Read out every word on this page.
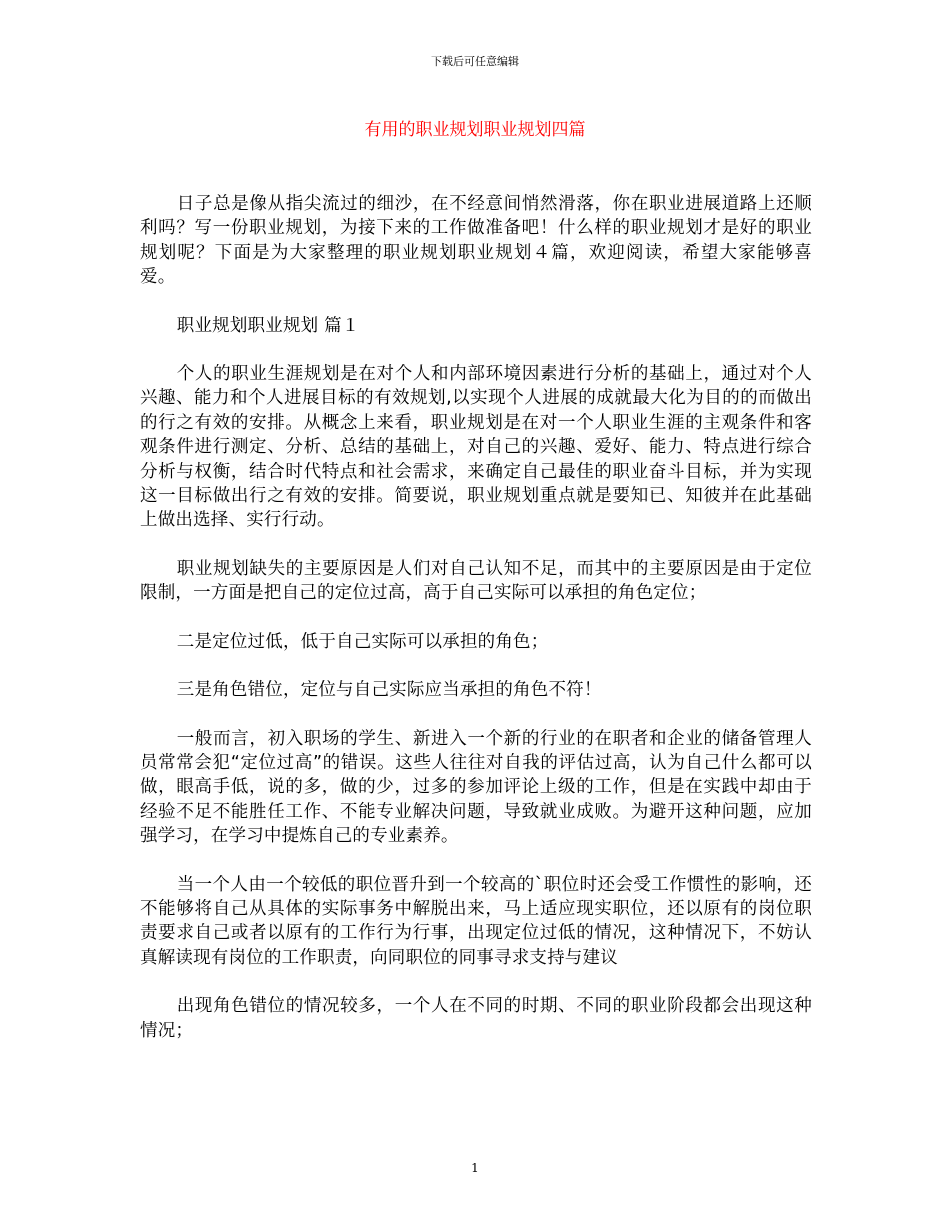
下载后可任意编辑
有用的职业规划职业规划四篇

日子总是像从指尖流过的细沙，在不经意间悄然滑落，你在职业进展道路上还顺利吗？写一份职业规划，为接下来的工作做准备吧！什么样的职业规划才是好的职业规划呢？下面是为大家整理的职业规划职业规划４篇，欢迎阅读，希望大家能够喜爱。

职业规划职业规划 篇１

个人的职业生涯规划是在对个人和内部环境因素进行分析的基础上，通过对个人兴趣、能力和个人进展目标的有效规划,以实现个人进展的成就最大化为目的的而做出的行之有效的安排。从概念上来看，职业规划是在对一个人职业生涯的主观条件和客观条件进行测定、分析、总结的基础上，对自己的兴趣、爱好、能力、特点进行综合分析与权衡，结合时代特点和社会需求，来确定自己最佳的职业奋斗目标，并为实现这一目标做出行之有效的安排。简要说，职业规划重点就是要知已、知彼并在此基础上做出选择、实行行动。

职业规划缺失的主要原因是人们对自己认知不足，而其中的主要原因是由于定位限制，一方面是把自己的定位过高，高于自己实际可以承担的角色定位；

二是定位过低，低于自己实际可以承担的角色；

三是角色错位，定位与自己实际应当承担的角色不符！

一般而言，初入职场的学生、新进入一个新的行业的在职者和企业的储备管理人员常常会犯“定位过高”的错误。这些人往往对自我的评估过高，认为自己什么都可以做，眼高手低，说的多，做的少，过多的参加评论上级的工作，但是在实践中却由于经验不足不能胜任工作、不能专业解决问题，导致就业成败。为避开这种问题，应加强学习，在学习中提炼自己的专业素养。

当一个人由一个较低的职位晋升到一个较高的`职位时还会受工作惯性的影响，还不能够将自己从具体的实际事务中解脱出来，马上适应现实职位，还以原有的岗位职责要求自己或者以原有的工作行为行事，出现定位过低的情况，这种情况下，不妨认真解读现有岗位的工作职责，向同职位的同事寻求支持与建议

出现角色错位的情况较多，一个人在不同的时期、不同的职业阶段都会出现这种情况；

1
